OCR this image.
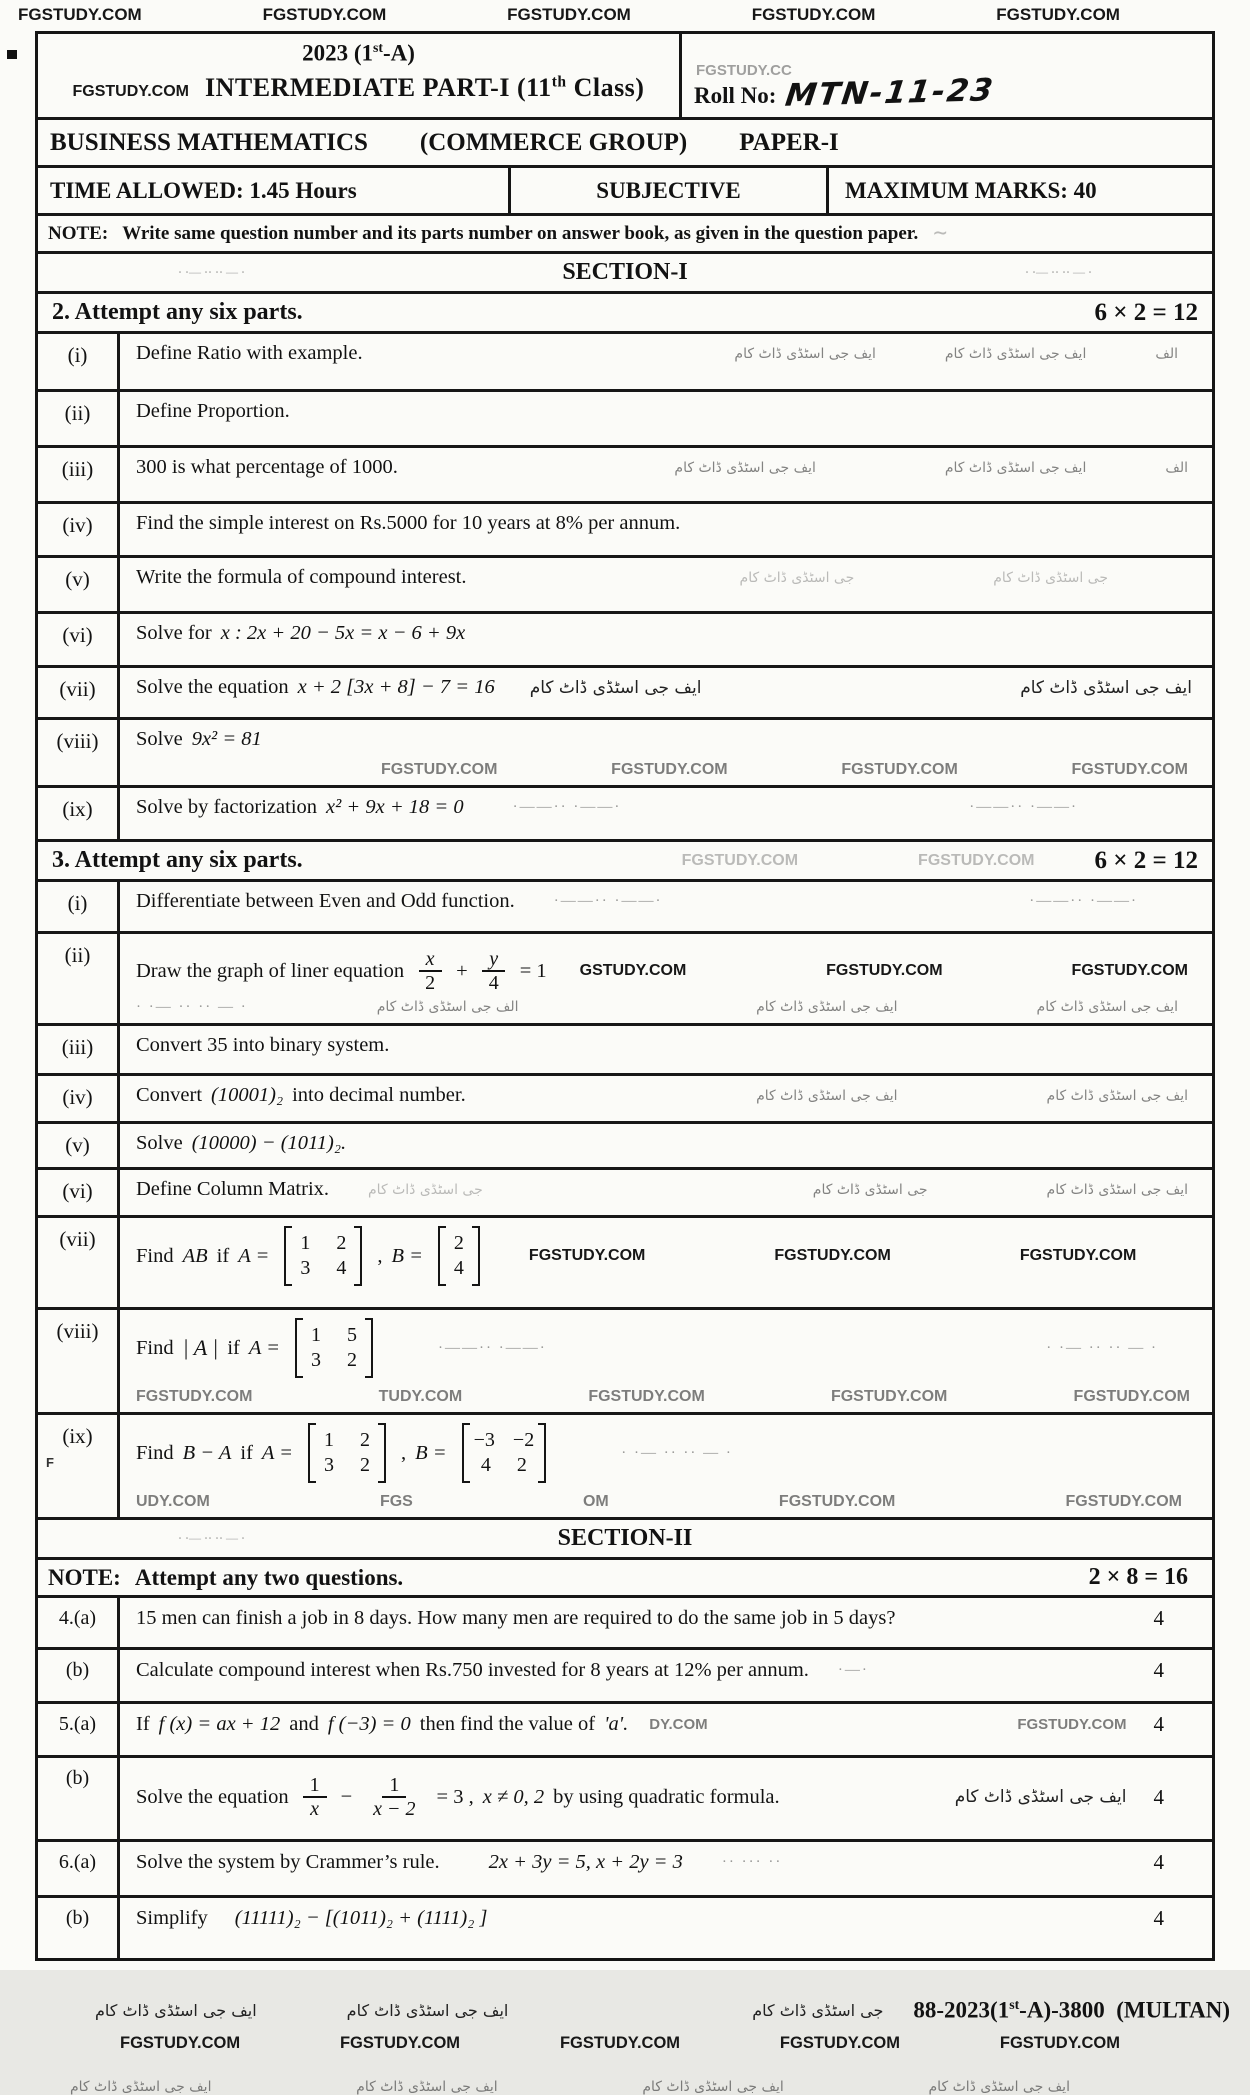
FGSTUDY.COM	FGSTUDY.COM	FGSTUDY.COM	FGSTUDY.COM	FGSTUDY.COM
2023 (1st-A)
FGSTUDY.COM INTERMEDIATE PART-I (11th Class)
FGSTUDY.CC
Roll No: MTN-11-23
BUSINESS MATHEMATICS (COMMERCE GROUP) PAPER-I
TIME ALLOWED: 1.45 Hours	SUBJECTIVE	MAXIMUM MARKS: 40
NOTE: Write same question number and its parts number on answer book, as given in the question paper. ∼
· ·— ·· ·· — ·	SECTION-I	· ·— ·· ·· — ·
2. Attempt any six parts.	6 × 2 = 12
(i)	Define Ratio with example.	ایف جی اسٹڈی ڈاٹ کام	ایف جی اسٹڈی ڈاٹ کام	الف
(ii)	Define Proportion.
(iii)	300 is what percentage of 1000.	ایف جی اسٹڈی ڈاٹ کام	ایف جی اسٹڈی ڈاٹ کام	الف
(iv)	Find the simple interest on Rs.5000 for 10 years at 8% per annum.
(v)	Write the formula of compound interest.	جی اسٹڈی ڈاٹ کام	جی اسٹڈی ڈاٹ کام
(vi)	Solve for x : 2x + 20 − 5x = x − 6 + 9x
(vii)	Solve the equation x + 2 [3x + 8] − 7 = 16 ایف جی اسٹڈی ڈاٹ کام	ایف جی اسٹڈی ڈاٹ کام
(viii)	Solve 9x² = 81
FGSTUDY.COM	FGSTUDY.COM	FGSTUDY.COM	FGSTUDY.COM
(ix)	Solve by factorization x² + 9x + 18 = 0	·——·· ·——·	·——·· ·——·
3. Attempt any six parts.	FGSTUDY.COM	FGSTUDY.COM 6 × 2 = 12
(i)	Differentiate between Even and Odd function.	·——·· ·——·	·——·· ·——·
(ii)
Draw the graph of liner equation $\frac{x}{2} + \frac{y}{4} = 1$ GSTUDY.COM	FGSTUDY.COM	FGSTUDY.COM
· ·— ·· ·· — ·	الف جی اسٹڈی ڈاٹ کام	ایف جی اسٹڈی ڈاٹ کام	ایف جی اسٹڈی ڈاٹ کام
(iii)	Convert 35 into binary system.
(iv)	Convert (10001)₂ into decimal number.	ایف جی اسٹڈی ڈاٹ کام	ایف جی اسٹڈی ڈاٹ کام
(v)	Solve (10000) − (1011)₂.
(vi)	Define Column Matrix.	جی اسٹڈی ڈاٹ کام	جی اسٹڈی ڈاٹ کام	ایف جی اسٹڈی ڈاٹ کام
(vii)
Find AB if A =
1 2
3 4
, B =
2
4
FGSTUDY.COM	FGSTUDY.COM	FGSTUDY.COM
(viii)
Find | A | if A =
1 5
3 2
·——·· ·——·	· ·— ·· ·· — ·
FGSTUDY.COM	TUDY.COM	FGSTUDY.COM	FGSTUDY.COM	FGSTUDY.COM
(ix)
F	Find B − A if A =
1 2
3 2
, B =
−3 −2
4 2
· ·— ·· ·· — ·
UDY.COM	FGS	OM	FGSTUDY.COM	FGSTUDY.COM
· ·— ·· ·· — ·	SECTION-II
NOTE: Attempt any two questions.	2 × 8 = 16
4.(a)	15 men can finish a job in 8 days. How many men are required to do the same job in 5 days?	4
(b)	Calculate compound interest when Rs.750 invested for 8 years at 12% per annum. ·—·	4
5.(a)	If f (x) = ax + 12 and f (−3) = 0 then find the value of 'a'. DY.COM	FGSTUDY.COM 4
(b)
Solve the equation $\frac{1}{x} - \frac{1}{x - 2} = 3$ , x ≠ 0, 2 by using quadratic formula.	ایف جی اسٹڈی ڈاٹ کام 4
6.(a)	Solve the system by Crammer’s rule. 2x + 3y = 5, x + 2y = 3	·· ··· ··	4
(b)	Simplify (11111)₂ − [(1011)₂ + (1111)₂ ]	4
ایف جی اسٹڈی ڈاٹ کام	ایف جی اسٹڈی ڈاٹ کام	جی اسٹڈی ڈاٹ کام 88-2023(1st-A)-3800 (MULTAN)
FGSTUDY.COM	FGSTUDY.COM	FGSTUDY.COM	FGSTUDY.COM	FGSTUDY.COM
ایف جی اسٹڈی ڈاٹ کام	ایف جی اسٹڈی ڈاٹ کام	ایف جی اسٹڈی ڈاٹ کام	ایف جی اسٹڈی ڈاٹ کام
